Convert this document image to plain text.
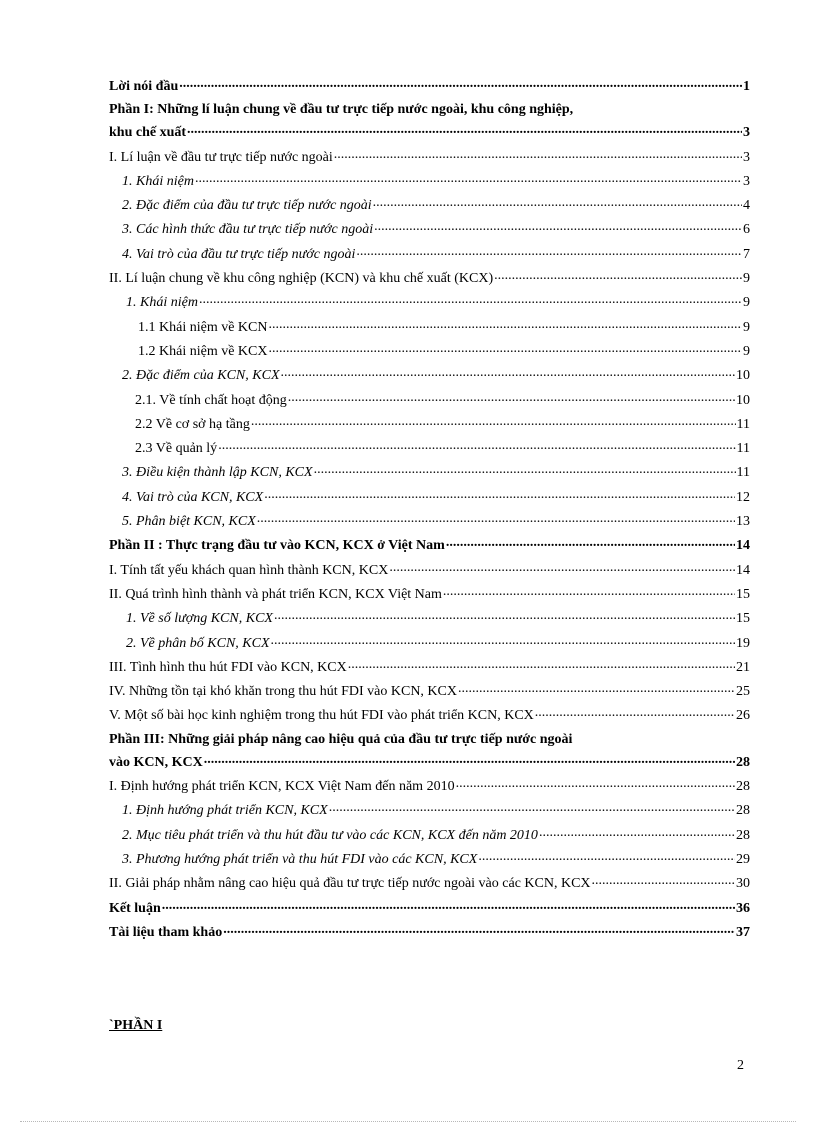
Lời nói đầu .....	1
Phần I: Những lí luận chung về đầu tư trực tiếp nước ngoài, khu công nghiệp,
khu chế xuất .....	3
I. Lí luận về đầu tư trực tiếp nước ngoài .....	3
1. Khái niệm .....	3
2. Đặc điểm của đầu tư trực tiếp nước ngoài .....	4
3. Các hình thức đầu tư trực tiếp nước ngoài .....	6
4. Vai trò của đầu tư trực tiếp nước ngoài .....	7
II. Lí luận chung về khu công nghiệp (KCN) và khu chế xuất (KCX) .....	9
1. Khái niệm .....	9
1.1 Khái niệm về KCN .....	9
1.2 Khái niệm về KCX .....	9
2. Đặc điểm của KCN, KCX .....	10
2.1. Về tính chất hoạt động .....	10
2.2 Về cơ sở hạ tầng .....	11
2.3 Về quản lý .....	11
3. Điều kiện thành lập KCN, KCX .....	11
4. Vai trò của KCN, KCX .....	12
5. Phân biệt KCN, KCX .....	13
Phần II : Thực trạng đầu tư vào KCN, KCX ở Việt Nam .....	14
I. Tính tất yếu khách quan hình thành KCN, KCX .....	14
II. Quá trình hình thành và phát triển KCN, KCX Việt Nam .....	15
1. Về số lượng KCN, KCX .....	15
2. Về phân bố KCN, KCX .....	19
III. Tình hình thu hút FDI vào KCN, KCX .....	21
IV. Những tồn tại khó khăn trong thu hút FDI vào KCN, KCX .....	25
V. Một số bài học kinh nghiệm trong thu hút FDI vào phát triển KCN, KCX .....	26
Phần III: Những giải pháp nâng cao hiệu quả của đầu tư trực tiếp nước ngoài
vào KCN, KCX .....	28
I. Định hướng phát triển KCN, KCX Việt Nam đến năm 2010 .....	28
1. Định hướng phát triển KCN, KCX .....	28
2. Mục tiêu phát triển và thu hút đầu tư vào các KCN, KCX đến năm 2010 .....	28
3. Phương hướng phát triển và thu hút FDI vào các KCN, KCX .....	29
II. Giải pháp nhằm nâng cao hiệu quả đầu tư trực tiếp nước ngoài vào các KCN, KCX .....	30
Kết luận .....	36
Tài liệu tham khảo .....	37
`PHẦN I
2
